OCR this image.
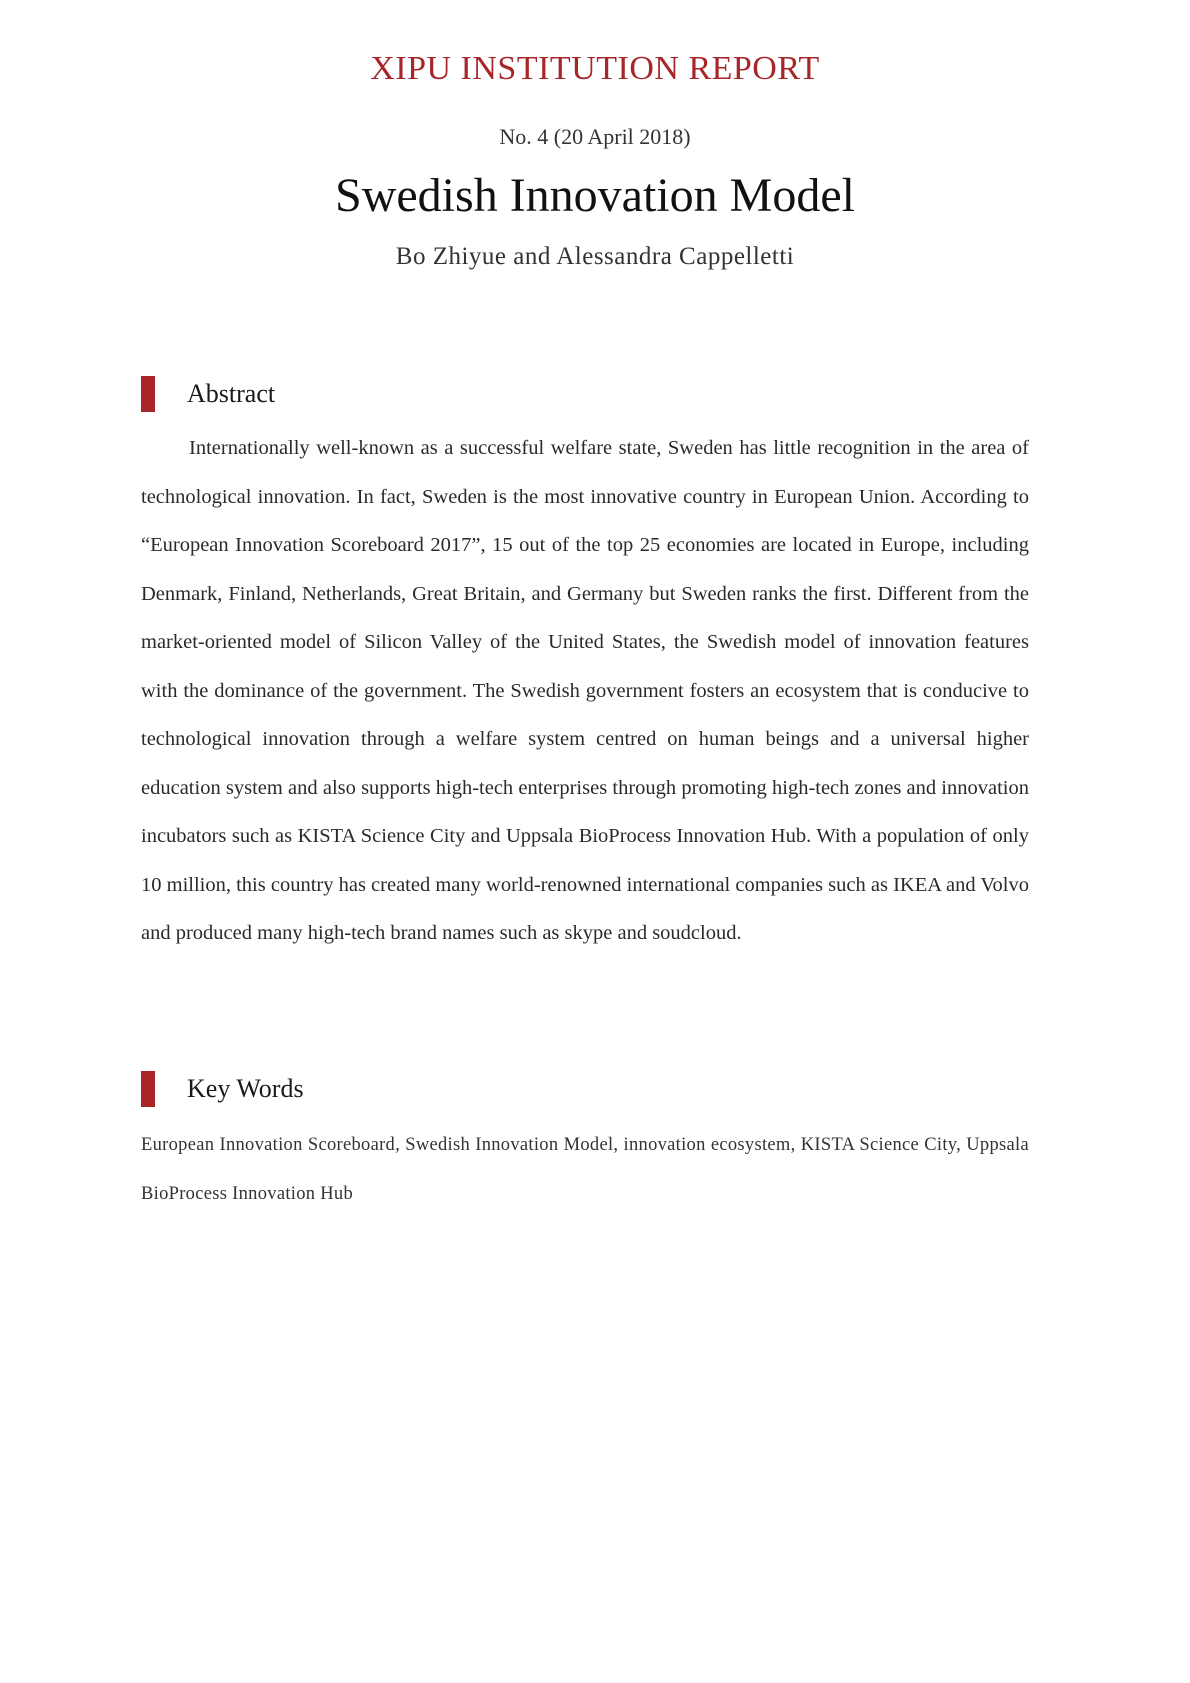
XIPU INSTITUTION REPORT
No. 4 (20 April 2018)
Swedish Innovation Model
Bo Zhiyue and Alessandra Cappelletti
Abstract

Internationally well-known as a successful welfare state, Sweden has little recognition in the area of technological innovation. In fact, Sweden is the most innovative country in European Union. According to “European Innovation Scoreboard 2017”, 15 out of the top 25 economies are located in Europe, including Denmark, Finland, Netherlands, Great Britain, and Germany but Sweden ranks the first. Different from the market-oriented model of Silicon Valley of the United States, the Swedish model of innovation features with the dominance of the government. The Swedish government fosters an ecosystem that is conducive to technological innovation through a welfare system centred on human beings and a universal higher education system and also supports high-tech enterprises through promoting high-tech zones and innovation incubators such as KISTA Science City and Uppsala BioProcess Innovation Hub. With a population of only 10 million, this country has created many world-renowned international companies such as IKEA and Volvo and produced many high-tech brand names such as skype and soudcloud.

Key Words

European Innovation Scoreboard, Swedish Innovation Model, innovation ecosystem, KISTA Science City, Uppsala BioProcess Innovation Hub
